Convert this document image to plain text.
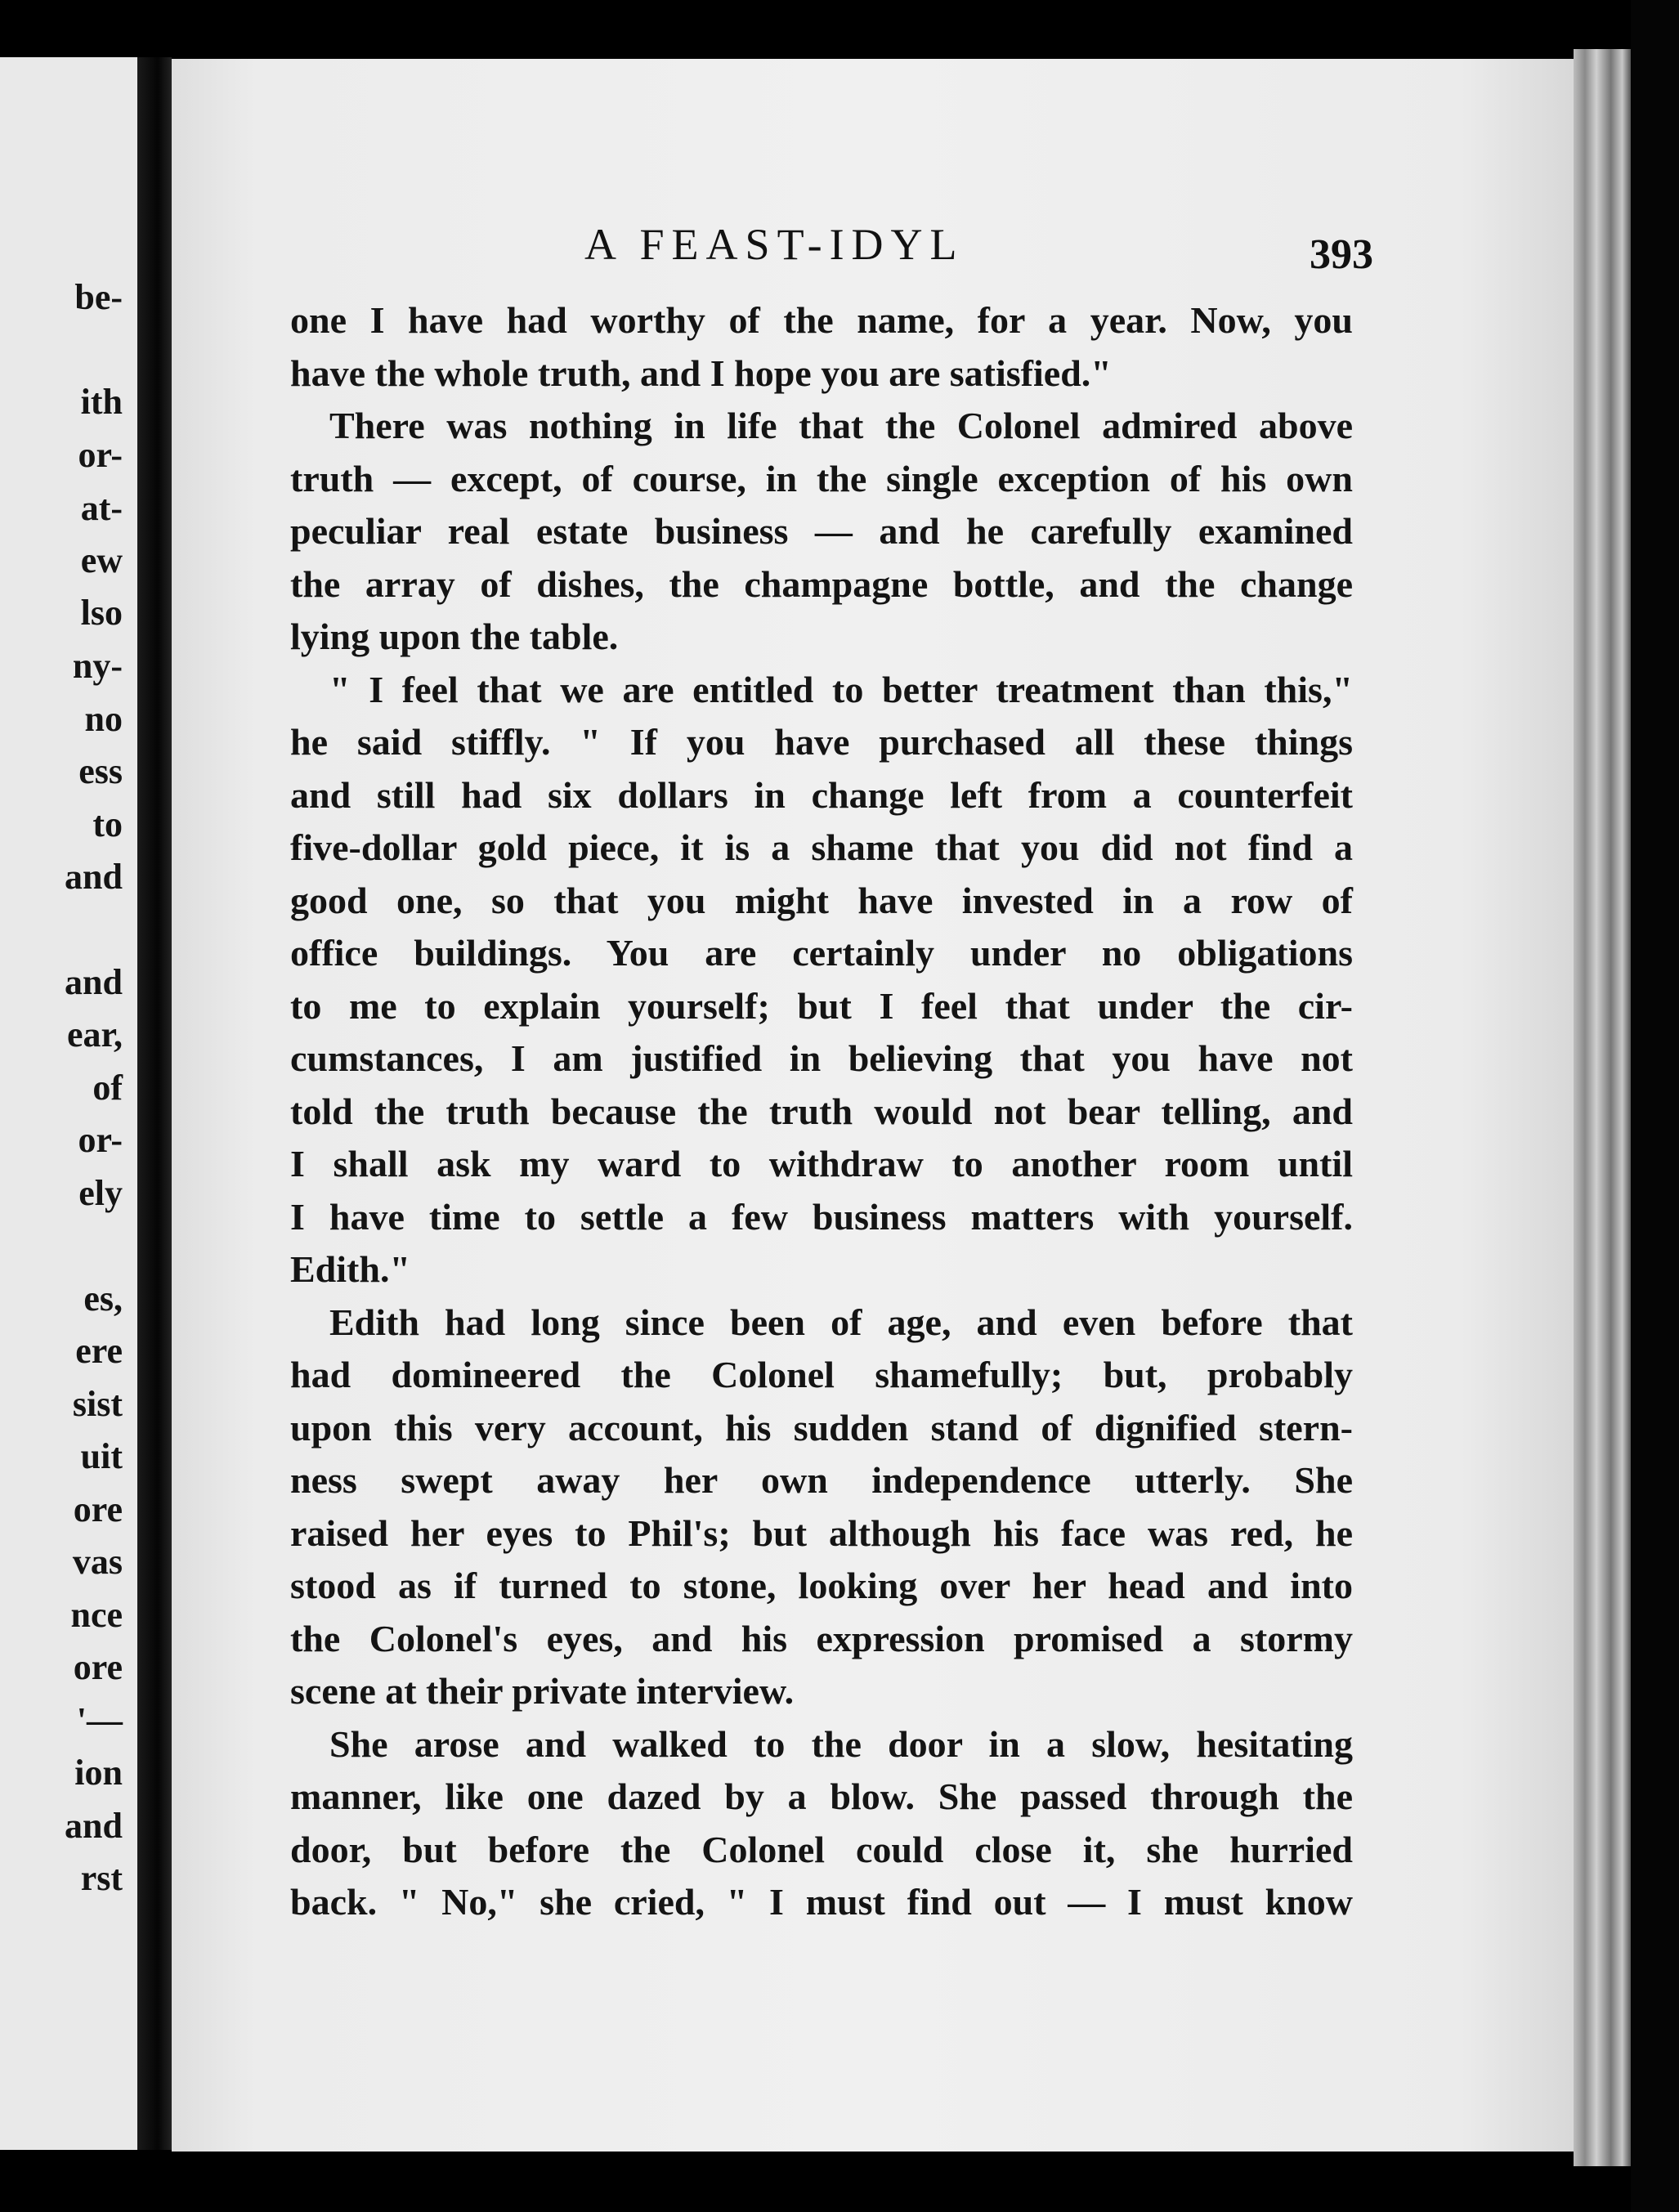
be-
ith
or-
at-
ew
lso
ny-
no
ess
to
and
and
ear,
of
or-
ely
es,
ere
sist
uit
ore
vas
nce
ore
'—
ion
and
rst
A FEAST-IDYL	393

one I have had worthy of the name, for a year. Now, you

have the whole truth, and I hope you are satisfied."

There was nothing in life that the Colonel admired above

truth — except, of course, in the single exception of his own

peculiar real estate business — and he carefully examined

the array of dishes, the champagne bottle, and the change

lying upon the table.

" I feel that we are entitled to better treatment than this,"

he said stiffly. " If you have purchased all these things

and still had six dollars in change left from a counterfeit

five-dollar gold piece, it is a shame that you did not find a

good one, so that you might have invested in a row of

office buildings. You are certainly under no obligations

to me to explain yourself; but I feel that under the cir-

cumstances, I am justified in believing that you have not

told the truth because the truth would not bear telling, and

I shall ask my ward to withdraw to another room until

I have time to settle a few business matters with yourself.

Edith."

Edith had long since been of age, and even before that

had domineered the Colonel shamefully; but, probably

upon this very account, his sudden stand of dignified stern-

ness swept away her own independence utterly. She

raised her eyes to Phil's; but although his face was red, he

stood as if turned to stone, looking over her head and into

the Colonel's eyes, and his expression promised a stormy

scene at their private interview.

She arose and walked to the door in a slow, hesitating

manner, like one dazed by a blow. She passed through the

door, but before the Colonel could close it, she hurried

back. " No," she cried, " I must find out — I must know
